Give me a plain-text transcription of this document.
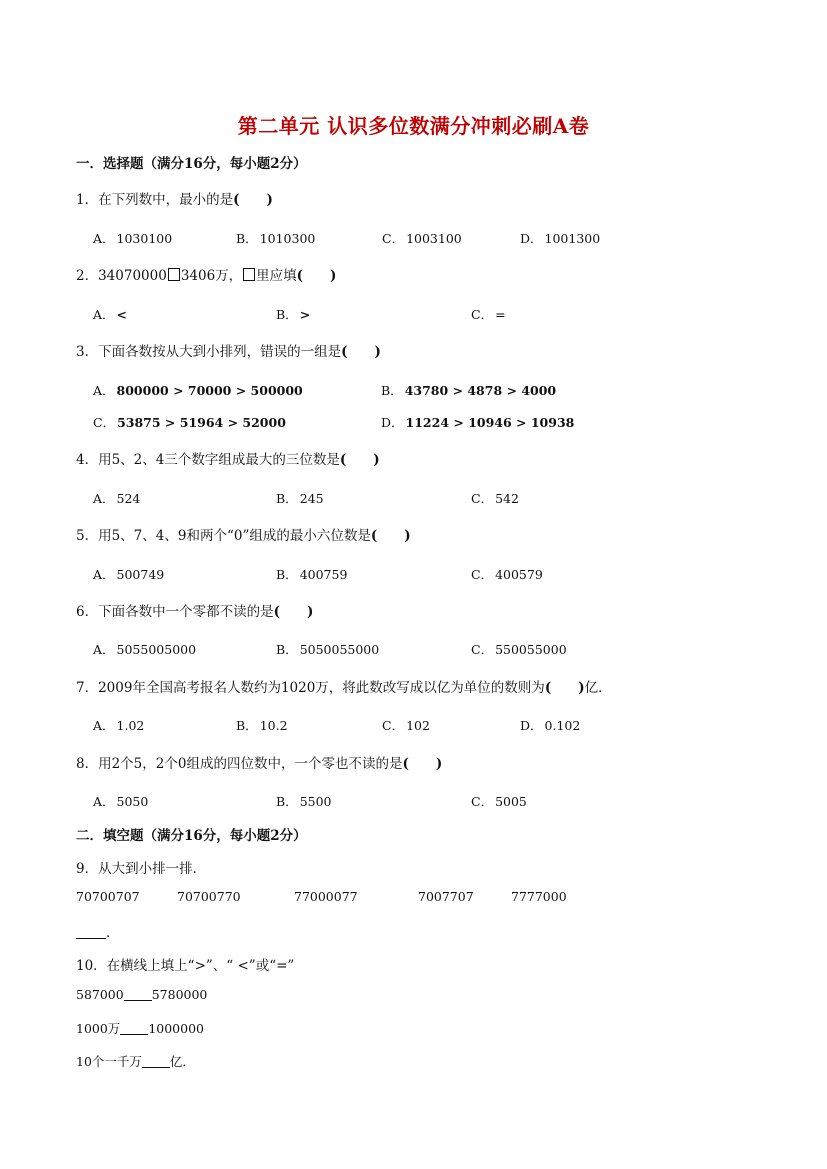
第二单元 认识多位数满分冲刺必刷A卷
一．选择题（满分16分，每小题2分）
1．在下列数中，最小的是(　　)
A． 1030100	B． 1010300	C． 1003100	D． 1001300
2．34070000 3406万， 里应填(　　)
A． <	B． >	C． =
3．下面各数按从大到小排列，错误的一组是(　　)
A． 800000 > 70000 > 500000	B． 43780 > 4878 > 4000
C． 53875 > 51964 > 52000	D． 11224 > 10946 > 10938
4．用5、2、4三个数字组成最大的三位数是(　　)
A． 524	B． 245	C． 542
5．用5、7、4、9和两个“0”组成的最小六位数是(　　)
A． 500749	B． 400759	C． 400579
6．下面各数中一个零都不读的是(　　)
A． 5055005000	B． 5050055000	C． 550055000
7．2009年全国高考报名人数约为1020万，将此数改写成以亿为单位的数则为(　　)亿．
A． 1.02	B． 10.2	C． 102	D． 0.102
8．用2个5，2个0组成的四位数中，一个零也不读的是(　　)
A． 5050	B． 5500	C． 5005
二．填空题（满分16分，每小题2分）
9．从大到小排一排．
70700707	70700770	77000077	7007707	7777000
．
10．在横线上填上“>”、“ <”或“=”
587000 5780000
1000万 1000000
10个一千万 亿．
